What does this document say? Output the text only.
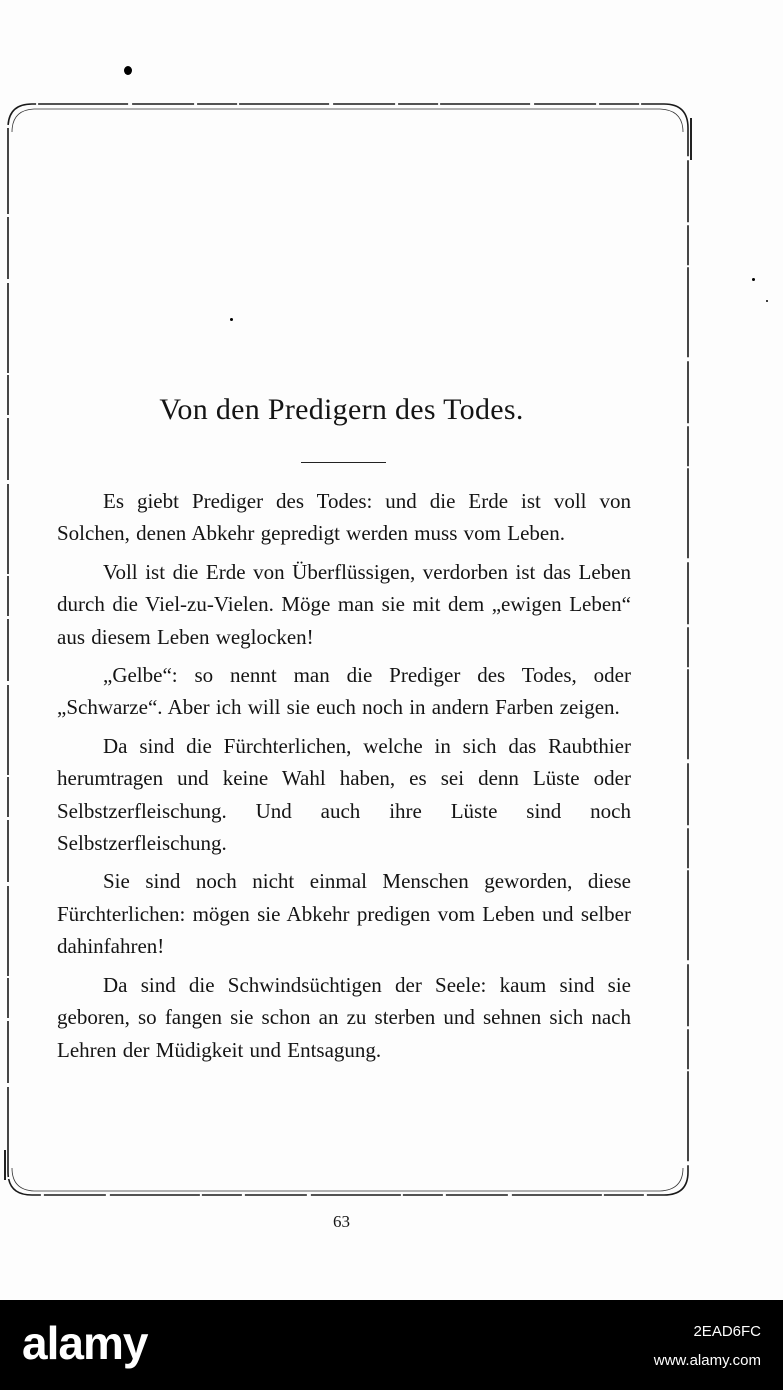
Von den Predigern des Todes.

Es giebt Prediger des Todes: und die Erde ist voll von Solchen, denen Abkehr gepredigt werden muss vom Leben.

Voll ist die Erde von Überflüssigen, verdorben ist das Leben durch die Viel-zu-Vielen. Möge man sie mit dem „ewigen Leben“ aus diesem Leben weglocken!

„Gelbe“: so nennt man die Prediger des Todes, oder „Schwarze“. Aber ich will sie euch noch in andern Farben zeigen.

Da sind die Fürchterlichen, welche in sich das Raubthier herumtragen und keine Wahl haben, es sei denn Lüste oder Selbstzerfleischung. Und auch ihre Lüste sind noch Selbstzerfleischung.

Sie sind noch nicht einmal Menschen geworden, diese Fürchterlichen: mögen sie Abkehr predigen vom Leben und selber dahinfahren!

Da sind die Schwindsüchtigen der Seele: kaum sind sie geboren, so fangen sie schon an zu sterben und sehnen sich nach Lehren der Müdigkeit und Entsagung.

63
alamy	2EAD6FC
www.alamy.com
